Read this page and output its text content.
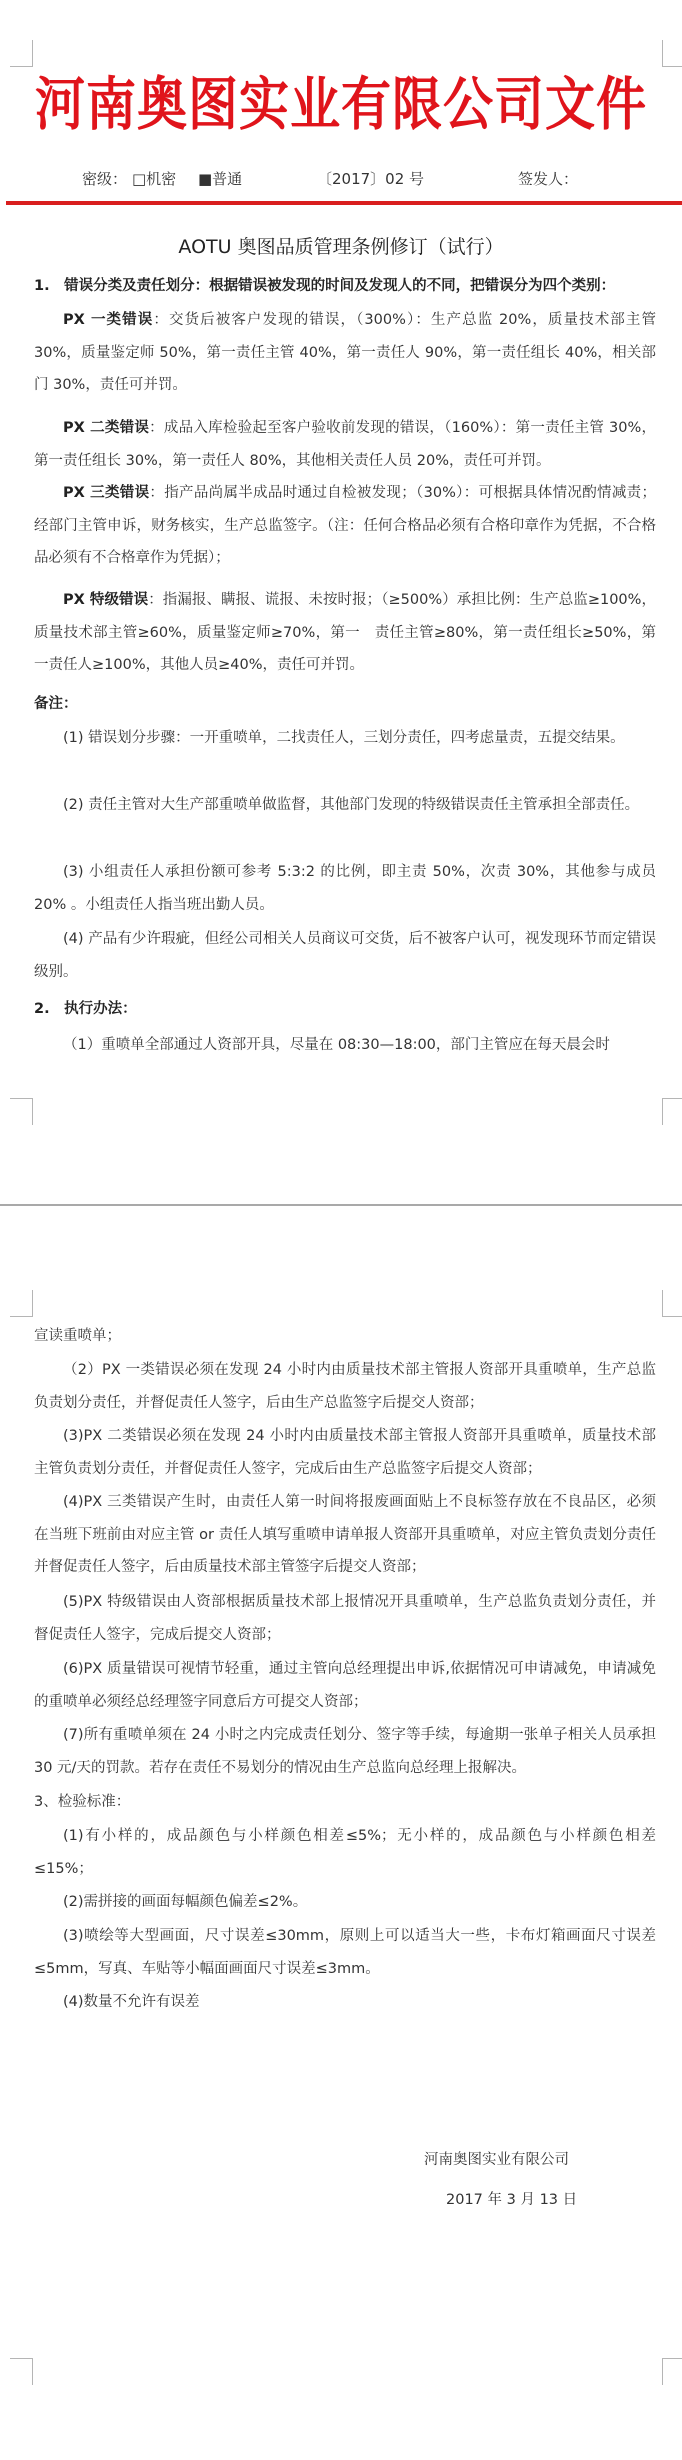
河南奥图实业有限公司文件
密级： □机密 ■普通	〔2017〕02 号	签发人：
AOTU 奥图品质管理条例修订（试行）
1.　错误分类及责任划分：根据错误被发现的时间及发现人的不同，把错误分为四个类别：
PX 一类错误：交货后被客户发现的错误，（300%）：生产总监 20%，质量技术部主管 30%，质量鉴定师 50%，第一责任主管 40%，第一责任人 90%，第一责任组长 40%，相关部门 30%，责任可并罚。
PX 二类错误：成品入库检验起至客户验收前发现的错误，（160%）：第一责任主管 30%，第一责任组长 30%，第一责任人 80%，其他相关责任人员 20%，责任可并罚。
PX 三类错误：指产品尚属半成品时通过自检被发现；（30%）：可根据具体情况酌情减责；经部门主管申诉，财务核实，生产总监签字。（注：任何合格品必须有合格印章作为凭据，不合格品必须有不合格章作为凭据）；
PX 特级错误：指漏报、瞒报、谎报、未按时报；（≥500%）承担比例：生产总监≥100%，质量技术部主管≥60%，质量鉴定师≥70%，第一　责任主管≥80%，第一责任组长≥50%，第一责任人≥100%，其他人员≥40%，责任可并罚。
备注：
(1) 错误划分步骤：一开重喷单，二找责任人，三划分责任，四考虑量责，五提交结果。
(2) 责任主管对大生产部重喷单做监督，其他部门发现的特级错误责任主管承担全部责任。
(3) 小组责任人承担份额可参考 5:3:2 的比例，即主责 50%，次责 30%，其他参与成员 20% 。小组责任人指当班出勤人员。
(4) 产品有少许瑕疵，但经公司相关人员商议可交货，后不被客户认可，视发现环节而定错误级别。
2.　执行办法：
（1）重喷单全部通过人资部开具，尽量在 08:30—18:00，部门主管应在每天晨会时
宣读重喷单；
（2）PX 一类错误必须在发现 24 小时内由质量技术部主管报人资部开具重喷单，生产总监负责划分责任，并督促责任人签字，后由生产总监签字后提交人资部；
(3)PX 二类错误必须在发现 24 小时内由质量技术部主管报人资部开具重喷单，质量技术部主管负责划分责任，并督促责任人签字，完成后由生产总监签字后提交人资部；
(4)PX 三类错误产生时，由责任人第一时间将报废画面贴上不良标签存放在不良品区，必须在当班下班前由对应主管 or 责任人填写重喷申请单报人资部开具重喷单，对应主管负责划分责任并督促责任人签字，后由质量技术部主管签字后提交人资部；
(5)PX 特级错误由人资部根据质量技术部上报情况开具重喷单，生产总监负责划分责任，并督促责任人签字，完成后提交人资部；
(6)PX 质量错误可视情节轻重，通过主管向总经理提出申诉,依据情况可申请减免，申请减免的重喷单必须经总经理签字同意后方可提交人资部；
(7)所有重喷单须在 24 小时之内完成责任划分、签字等手续，每逾期一张单子相关人员承担 30 元/天的罚款。若存在责任不易划分的情况由生产总监向总经理上报解决。
3、检验标准：
(1)有小样的，成品颜色与小样颜色相差≤5%；无小样的，成品颜色与小样颜色相差≤15%；
(2)需拼接的画面每幅颜色偏差≤2%。
(3)喷绘等大型画面，尺寸误差≤30mm，原则上可以适当大一些，卡布灯箱画面尺寸误差≤5mm，写真、车贴等小幅面画面尺寸误差≤3mm。
(4)数量不允许有误差
河南奥图实业有限公司
2017 年 3 月 13 日
